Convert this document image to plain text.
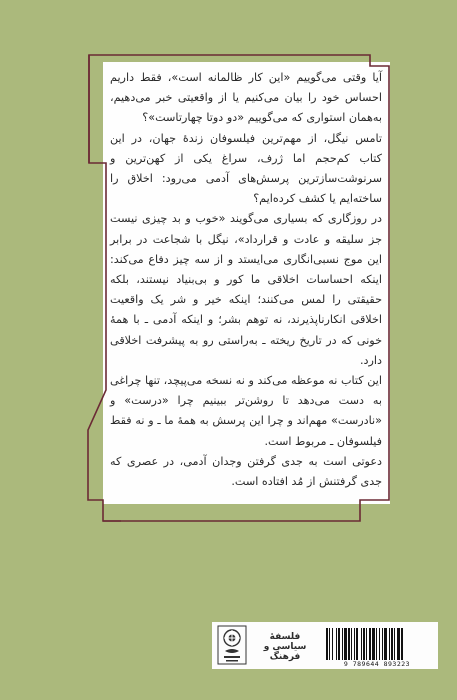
آیا وقتی می‌گوییم «این کار ظالمانه است»، فقط داریم احساس خود را بیان می‌کنیم یا از واقعیتی خبر می‌دهیم، به‌همان استواری که می‌گوییم «دو دوتا چهارتاست»؟

تامس نیگل، از مهم‌ترین فیلسوفان زندهٔ جهان، در این کتاب کم‌حجم اما ژرف، سراغ یکی از کهن‌ترین و سرنوشت‌سازترین پرسش‌های آدمی می‌رود: اخلاق را ساخته‌ایم یا کشف کرده‌ایم؟

در روزگاری که بسیاری می‌گویند «خوب و بد چیزی نیست جز سلیقه و عادت و قرارداد»، نیگل با شجاعت در برابر این موج نسبی‌انگاری می‌ایستد و از سه چیز دفاع می‌کند: اینکه احساسات اخلاقی ما کور و بی‌بنیاد نیستند، بلکه حقیقتی را لمس می‌کنند؛ اینکه خیر و شر یک واقعیت اخلاقی انکارناپذیرند، نه توهم بشر؛ و اینکه آدمی ـ با همهٔ خونی که در تاریخ ریخته ـ به‌راستی رو به پیشرفت اخلاقی دارد.

این کتاب نه موعظه می‌کند و نه نسخه می‌پیچد، تنها چراغی به دست می‌دهد تا روشن‌تر ببینیم چرا «درست» و «نادرست» مهم‌اند و چرا این پرسش به همهٔ ما ـ و نه فقط فیلسوفان ـ مربوط است.

دعوتی است به جدی گرفتن وجدان آدمی، در عصری که جدی گرفتنش از مُد افتاده است.

فلسفهٔ سیاسی و فرهنگ
9 789644 893223
